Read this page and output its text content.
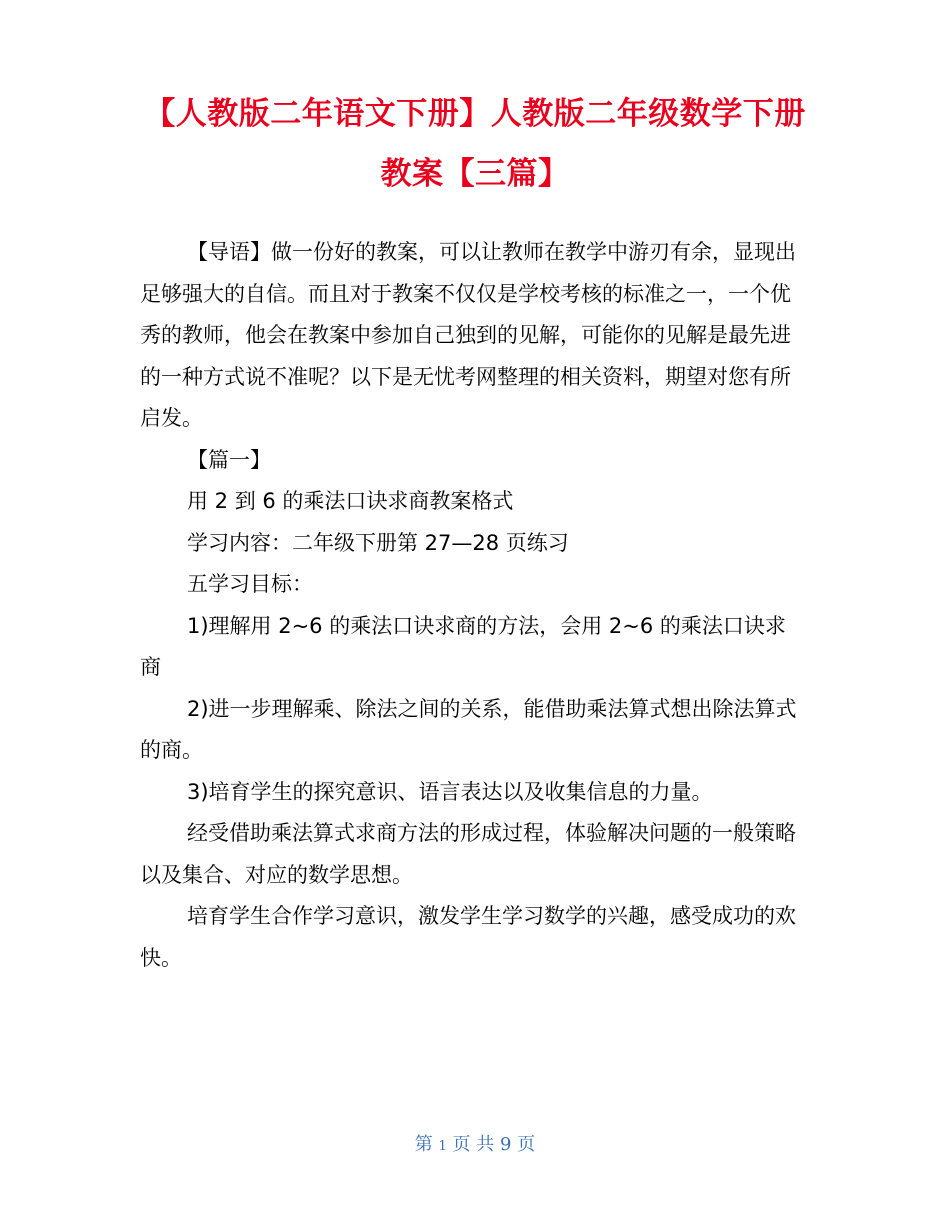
【人教版二年语文下册】人教版二年级数学下册教案【三篇】

【导语】做一份好的教案，可以让教师在教学中游刃有余，显现出足够强大的自信。而且对于教案不仅仅是学校考核的标准之一，一个优秀的教师，他会在教案中参加自己独到的见解，可能你的见解是最先进的一种方式说不准呢？以下是无忧考网整理的相关资料，期望对您有所启发。

【篇一】

用 2 到 6 的乘法口诀求商教案格式

学习内容：二年级下册第 27—28 页练习

五学习目标：

1)理解用 2~6 的乘法口诀求商的方法，会用 2~6 的乘法口诀求商

2)进一步理解乘、除法之间的关系，能借助乘法算式想出除法算式的商。

3)培育学生的探究意识、语言表达以及收集信息的力量。

经受借助乘法算式求商方法的形成过程，体验解决问题的一般策略以及集合、对应的数学思想。

培育学生合作学习意识，激发学生学习数学的兴趣，感受成功的欢快。

第 1 页 共 9 页
